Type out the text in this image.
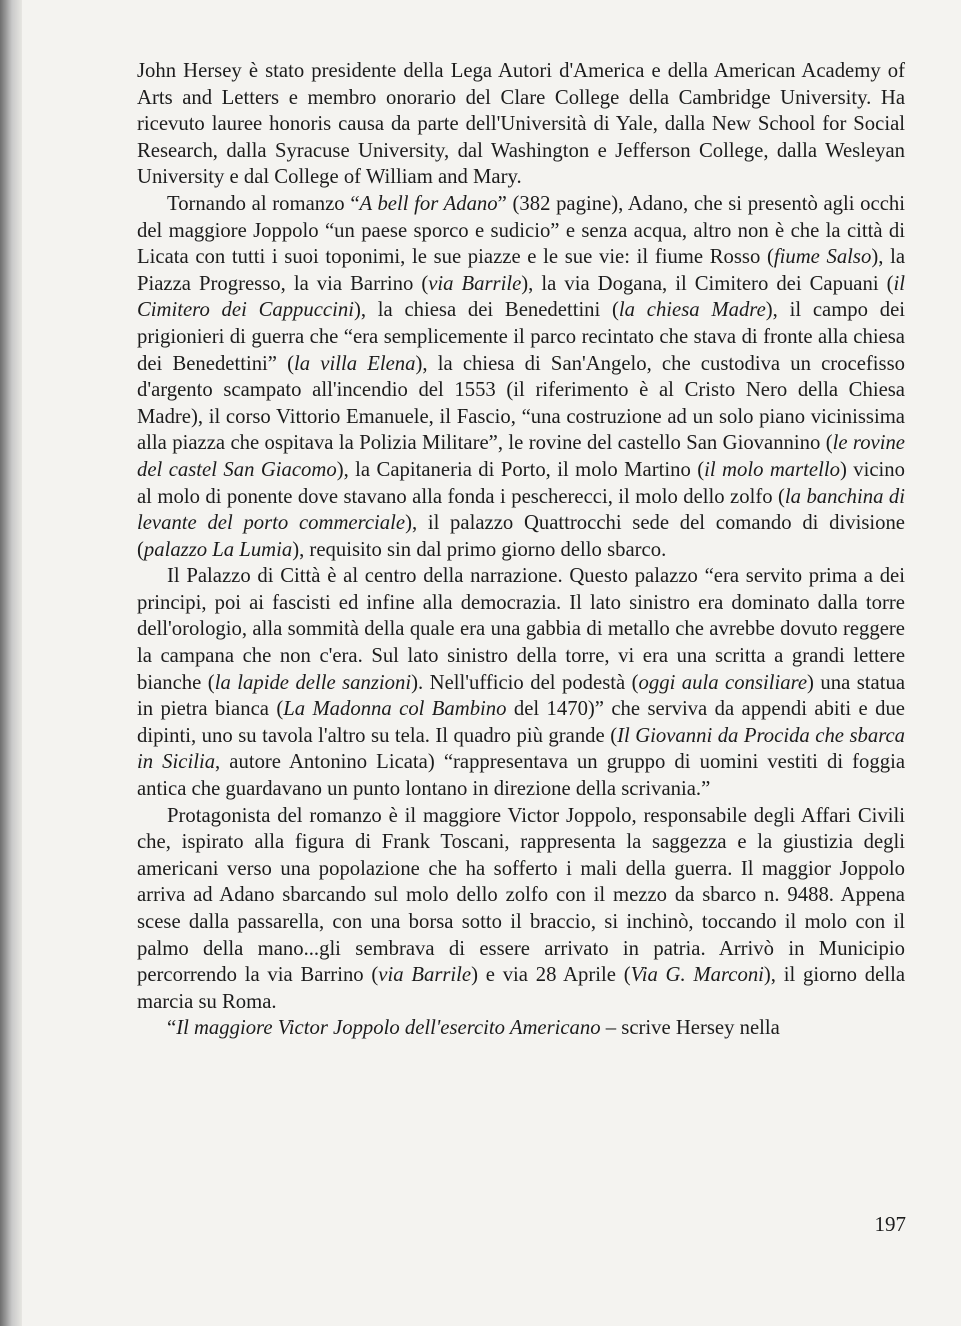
John Hersey è stato presidente della Lega Autori d'America e della American Academy of Arts and Letters e membro onorario del Clare College della Cambridge University. Ha ricevuto lauree honoris causa da parte dell'Università di Yale, dalla New School for Social Research, dalla Syracuse University, dal Washington e Jefferson College, dalla Wesleyan University e dal College of William and Mary.

Tornando al romanzo “A bell for Adano” (382 pagine), Adano, che si presentò agli occhi del maggiore Joppolo “un paese sporco e sudicio” e senza acqua, altro non è che la città di Licata con tutti i suoi toponimi, le sue piazze e le sue vie: il fiume Rosso (fiume Salso), la Piazza Progresso, la via Barrino (via Barrile), la via Dogana, il Cimitero dei Capuani (il Cimitero dei Cappuccini), la chiesa dei Benedettini (la chiesa Madre), il campo dei prigionieri di guerra che “era semplicemente il parco recintato che stava di fronte alla chiesa dei Benedettini” (la villa Elena), la chiesa di San'Angelo, che custodiva un crocefisso d'argento scampato all'incendio del 1553 (il riferimento è al Cristo Nero della Chiesa Madre), il corso Vittorio Emanuele, il Fascio, “una costruzione ad un solo piano vicinissima alla piazza che ospitava la Polizia Militare”, le rovine del castello San Giovannino (le rovine del castel San Giacomo), la Capitaneria di Porto, il molo Martino (il molo martello) vicino al molo di ponente dove stavano alla fonda i pescherecci, il molo dello zolfo (la banchina di levante del porto commerciale), il palazzo Quattrocchi sede del comando di divisione (palazzo La Lumia), requisito sin dal primo giorno dello sbarco.

Il Palazzo di Città è al centro della narrazione. Questo palazzo “era servito prima a dei principi, poi ai fascisti ed infine alla democrazia. Il lato sinistro era dominato dalla torre dell'orologio, alla sommità della quale era una gabbia di metallo che avrebbe dovuto reggere la campana che non c'era. Sul lato sinistro della torre, vi era una scritta a grandi lettere bianche (la lapide delle sanzioni). Nell'ufficio del podestà (oggi aula consiliare) una statua in pietra bianca (La Madonna col Bambino del 1470)” che serviva da appendi abiti e due dipinti, uno su tavola l'altro su tela. Il quadro più grande (Il Giovanni da Procida che sbarca in Sicilia, autore Antonino Licata) “rappresentava un gruppo di uomini vestiti di foggia antica che guardavano un punto lontano in direzione della scrivania.”

Protagonista del romanzo è il maggiore Victor Joppolo, responsabile degli Affari Civili che, ispirato alla figura di Frank Toscani, rappresenta la saggezza e la giustizia degli americani verso una popolazione che ha sofferto i mali della guerra. Il maggior Joppolo arriva ad Adano sbarcando sul molo dello zolfo con il mezzo da sbarco n. 9488. Appena scese dalla passarella, con una borsa sotto il braccio, si inchinò, toccando il molo con il palmo della mano...gli sembrava di essere arrivato in patria. Arrivò in Municipio percorrendo la via Barrino (via Barrile) e via 28 Aprile (Via G. Marconi), il giorno della marcia su Roma.

“Il maggiore Victor Joppolo dell'esercito Americano – scrive Hersey nella

197
